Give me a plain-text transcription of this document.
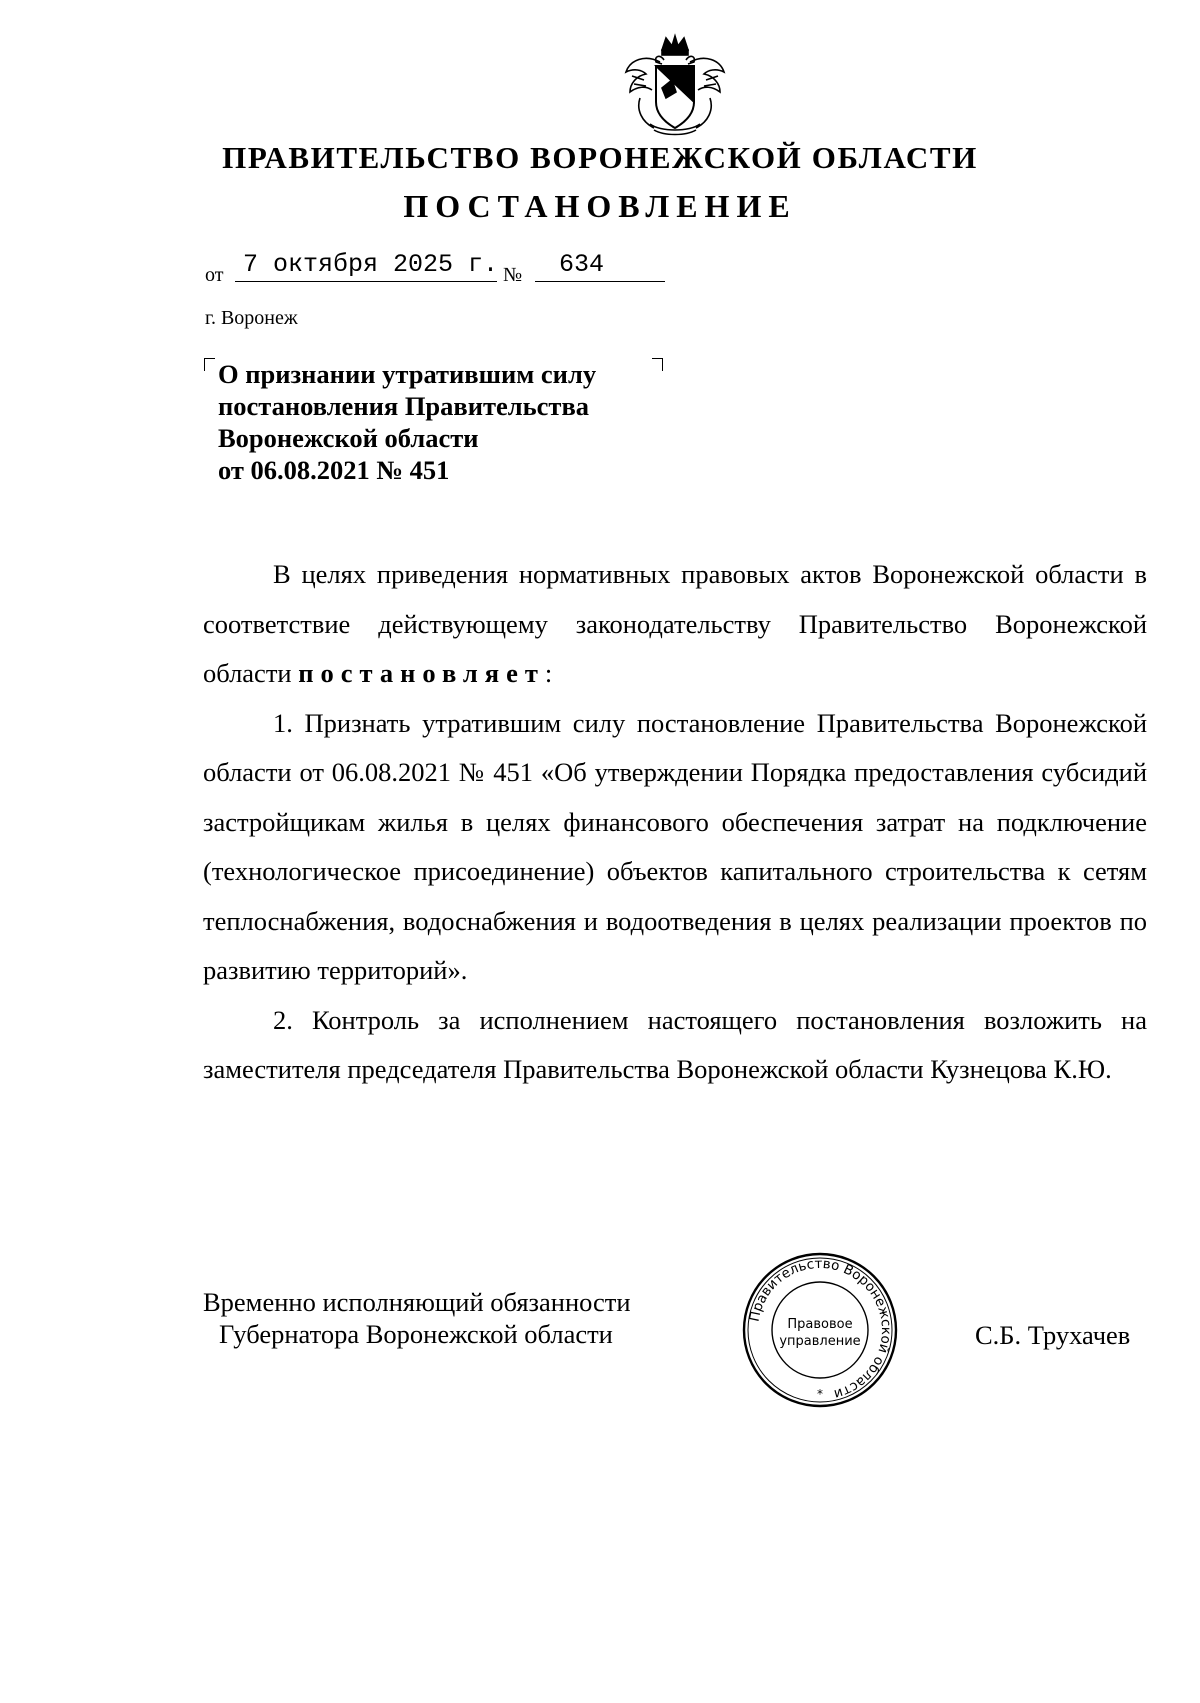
ПРАВИТЕЛЬСТВО ВОРОНЕЖСКОЙ ОБЛАСТИ
ПОСТАНОВЛЕНИЕ
от 7 октября 2025 г. №	634
г. Воронеж
О признании утратившим силу
постановления Правительства
Воронежской области
от 06.08.2021 № 451

В целях приведения нормативных правовых актов Воронежской области в соответствие действующему законодательству Правительство Воронежской области постановляет:

1. Признать утратившим силу постановление Правительства Воронежской области от 06.08.2021 № 451 «Об утверждении Порядка предоставления субсидий застройщикам жилья в целях финансового обеспечения затрат на подключение (технологическое присоединение) объектов капитального строительства к сетям теплоснабжения, водоснабжения и водоотведения в целях реализации проектов по развитию территорий».

2. Контроль за исполнением настоящего постановления возложить на заместителя председателя Правительства Воронежской области Кузнецова К.Ю.

Временно исполняющий обязанности
Губернатора Воронежской области
Правительство Воронежской области
Правовое
управление
*
С.Б. Трухачев
